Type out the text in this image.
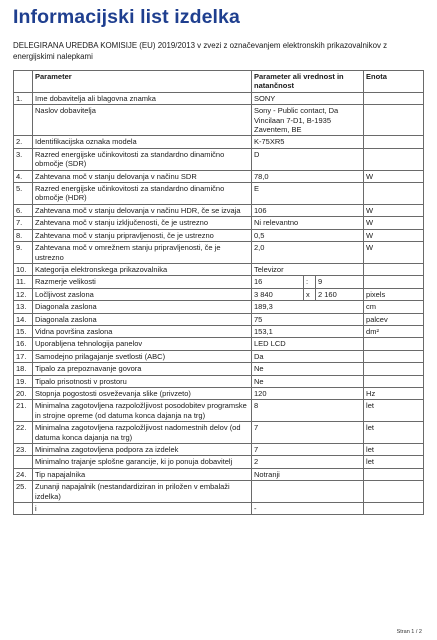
Informacijski list izdelka
DELEGIRANA UREDBA KOMISIJE (EU) 2019/2013 v zvezi z označevanjem elektronskih prikazovalnikov z energijskimi nalepkami
	Parameter	Parameter ali vrednost in natančnost			Enota
1.	Ime dobavitelja ali blagovna znamka	SONY			
	Naslov dobavitelja	Sony - Public contact, Da Vincilaan 7-D1, B-1935 Zaventem, BE			
2.	Identifikacijska oznaka modela	K-75XR5			
3.	Razred energijske učinkovitosti za standardno dinamično območje (SDR)	D			
4.	Zahtevana moč v stanju delovanja v načinu SDR	78,0			W
5.	Razred energijske učinkovitosti za standardno dinamično območje (HDR)	E			
6.	Zahtevana moč v stanju delovanja v načinu HDR, če se izvaja	106			W
7.	Zahtevana moč v stanju izključenosti, če je ustrezno	Ni relevantno			W
8.	Zahtevana moč v stanju pripravljenosti, če je ustrezno	0,5			W
9.	Zahtevana moč v omrežnem stanju pripravljenosti, če je ustrezno	2,0			W
10.	Kategorija elektronskega prikazovalnika	Televizor			
11.	Razmerje velikosti	16	:	9	
12.	Ločljivost zaslona	3 840	x	2 160	pixels
13.	Diagonala zaslona	189,3			cm
14.	Diagonala zaslona	75			palcev
15.	Vidna površina zaslona	153,1			dm²
16.	Uporabljena tehnologija panelov	LED LCD			
17.	Samodejno prilagajanje svetlosti (ABC)	Da			
18.	Tipalo za prepoznavanje govora	Ne			
19.	Tipalo prisotnosti v prostoru	Ne			
20.	Stopnja pogostosti osveževanja slike (privzeto)	120			Hz
21.	Minimalna zagotovljena razpoložljivost posodobitev programske in strojne opreme (od datuma konca dajanja na trg)	8			let
22.	Minimalna zagotovljena razpoložljivost nadomestnih delov (od datuma konca dajanja na trg)	7			let
23.	Minimalna zagotovljena podpora za izdelek	7			let
	Minimalno trajanje splošne garancije, ki jo ponuja dobavitelj	2			let
24.	Tip napajalnika	Notranji			
25.	Zunanji napajalnik (nestandardiziran in priložen v embalaži izdelka)				
	i	-			
Stran 1 / 2
